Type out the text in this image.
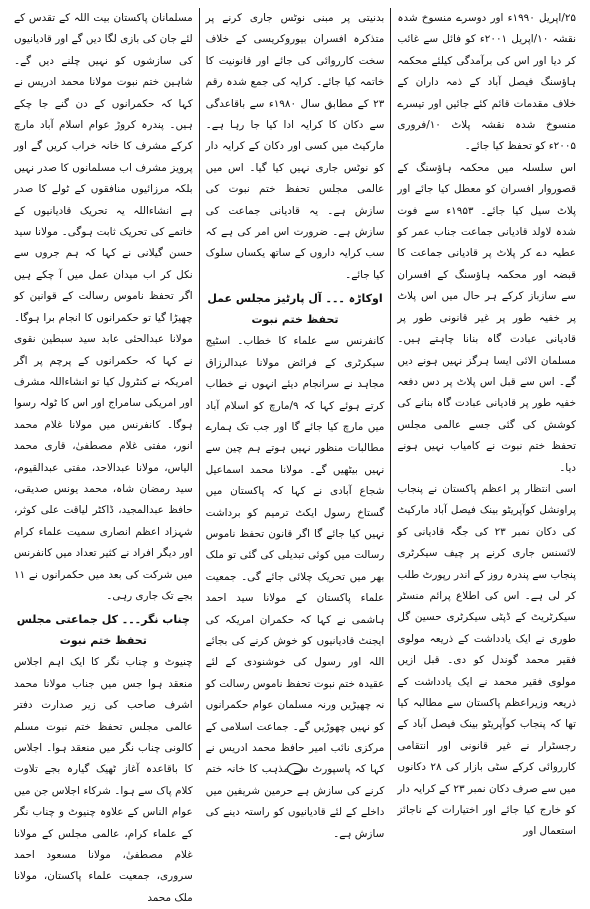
۲۵/اپریل ۱۹۹۰ء اور دوسرے منسوخ شدہ نقشہ ۱۰/اپریل ۲۰۰۱ء کو فائل سے غائب کر دیا اور اس کی برآمدگی کیلئے محکمہ ہاؤسنگ فیصل آباد کے ذمہ داران کے خلاف مقدمات قائم کئے جائیں اور تیسرے منسوخ شدہ نقشہ پلاٹ ۱۰/فروری ۲۰۰۵ء کو تحفظ کیا جائے۔

اس سلسلہ میں محکمہ ہاؤسنگ کے قصوروار افسران کو معطل کیا جائے اور پلاٹ سیل کیا جائے۔ ۱۹۵۳ء سے فوت شدہ لاولد قادیانی جماعت جناب عمر کو عطیہ دے کر پلاٹ پر قادیانی جماعت کا قبضہ اور محکمہ ہاؤسنگ کے افسران سے سازباز کرکے ہر حال میں اس پلاٹ پر خفیہ طور پر غیر قانونی طور پر قادیانی عبادت گاہ بنانا چاہتے ہیں۔ مسلمان الائی ایسا ہرگز نہیں ہونے دیں گے۔ اس سے قبل اس پلاٹ پر دس دفعہ خفیہ طور پر قادیانی عبادت گاہ بنانے کی کوشش کی گئی جسے عالمی مجلس تحفظ ختم نبوت نے کامیاب نہیں ہونے دیا۔

اسی انتظار پر اعظم پاکستان نے پنجاب پراونشل کوآپریٹو بینک فیصل آباد مارکیٹ کی دکان نمبر ۲۳ کی جگہ قادیانی کو لائسنس جاری کرنے پر چیف سیکرٹری پنجاب سے پندرہ روز کے اندر رپورٹ طلب کر لی ہے۔ اس کی اطلاع پرائم منسٹر سیکرٹریٹ کے ڈپٹی سیکرٹری حسین گل طوری نے ایک یادداشت کے ذریعہ مولوی فقیر محمد گوندل کو دی۔ قبل ازیں مولوی فقیر محمد نے ایک یادداشت کے ذریعہ وزیراعظم پاکستان سے مطالبہ کیا تھا کہ پنجاب کوآپریٹو بینک فیصل آباد کے رجسٹرار نے غیر قانونی اور انتقامی کارروائی کرکے سٹی بازار کی ۲۸ دکانوں میں سے صرف دکان نمبر ۲۳ کے کرایہ دار کو خارج کیا جائے اور اختیارات کے ناجائز استعمال اور

بدنیتی پر مبنی نوٹس جاری کرنے پر متذکرہ افسران بیوروکریسی کے خلاف سخت کارروائی کی جائے اور قانونیت کا خاتمہ کیا جائے۔ کرایہ کی جمع شدہ رقم ۲۳ کے مطابق سال ۱۹۸۰ء سے باقاعدگی سے دکان کا کرایہ ادا کیا جا رہا ہے۔ مارکیٹ میں کسی اور دکان کے کرایہ دار کو نوٹس جاری نہیں کیا گیا۔ اس میں عالمی مجلس تحفظ ختم نبوت کی سازش ہے۔ یہ قادیانی جماعت کی سازش ہے۔ ضرورت اس امر کی ہے کہ سب کرایہ داروں کے ساتھ یکساں سلوک کیا جائے۔

اوکاڑہ ۔۔۔ آل پارٹیز مجلس عمل تحفظ ختم نبوت

کانفرنس سے علماء کا خطاب۔ اسٹیج سیکرٹری کے فرائض مولانا عبدالرزاق مجاہد نے سرانجام دیئے انہوں نے خطاب کرتے ہوئے کہا کہ ۹/مارچ کو اسلام آباد میں مارچ کیا جائے گا اور جب تک ہمارے مطالبات منظور نہیں ہوتے ہم چین سے نہیں بیٹھیں گے۔ مولانا محمد اسماعیل شجاع آبادی نے کہا کہ پاکستان میں گستاخ رسول ایکٹ ترمیم کو برداشت نہیں کیا جائے گا اگر قانون تحفظ ناموس رسالت میں کوئی تبدیلی کی گئی تو ملک بھر میں تحریک چلائی جائے گی۔ جمعیت علماء پاکستان کے مولانا سید احمد ہاشمی نے کہا کہ حکمران امریکہ کی ایجنٹ قادیانیوں کو خوش کرنے کی بجائے اللہ اور رسول کی خوشنودی کے لئے عقیدہ ختم نبوت تحفظ ناموس رسالت کو نہ چھیڑیں ورنہ مسلمان عوام حکمرانوں کو نہیں چھوڑیں گے۔ جماعت اسلامی کے مرکزی نائب امیر حافظ محمد ادریس نے کہا کہ پاسپورٹ سے مذہب کا خانہ ختم کرنے کی سازش ہے حرمین شریفین میں داخلے کے لئے قادیانیوں کو راستہ دینے کی سازش ہے۔

مسلمانان پاکستان بیت اللہ کے تقدس کے لئے جان کی بازی لگا دیں گے اور قادیانیوں کی سازشوں کو نہیں چلنے دیں گے۔ شاہین ختم نبوت مولانا محمد ادریس نے کہا کہ حکمرانوں کے دن گنے جا چکے ہیں۔ پندرہ کروڑ عوام اسلام آباد مارچ کرکے مشرف کا خانہ خراب کریں گے اور پرویز مشرف اب مسلمانوں کا صدر نہیں بلکہ مرزائیوں منافقوں کے ٹولے کا صدر ہے انشاءاللہ یہ تحریک قادیانیوں کے خاتمے کی تحریک ثابت ہوگی۔ مولانا سید حسن گیلانی نے کہا کہ ہم جروں سے نکل کر اب میدان عمل میں آ چکے ہیں اگر تحفظ ناموس رسالت کے قوانین کو چھیڑا گیا تو حکمرانوں کا انجام برا ہوگا۔ مولانا عبدالحئی عابد سید سبطین نقوی نے کہا کہ حکمرانوں کے پرچم پر اگر امریکہ نے کنٹرول کیا تو انشاءاللہ مشرف اور امریکی سامراج اور اس کا ٹولہ رسوا ہوگا۔ کانفرنس میں مولانا غلام محمد انور، مفتی غلام مصطفیٰ، قاری محمد الیاس، مولانا عبدالاحد، مفتی عبدالقیوم، سید رمضان شاہ، محمد یونس صدیقی، حافظ عبدالمجید، ڈاکٹر لیاقت علی کوثر، شہزاد اعظم انصاری سمیت علماء کرام اور دیگر افراد نے کثیر تعداد میں کانفرنس میں شرکت کی بعد میں حکمرانوں نے ۱۱ بجے تک جاری رہی۔

چناب نگر۔۔۔ کل جماعتی مجلس تحفظ ختم نبوت

چنیوٹ و چناب نگر کا ایک اہم اجلاس منعقد ہوا جس میں جناب مولانا محمد اشرف صاحب کی زیر صدارت دفتر عالمی مجلس تحفظ ختم نبوت مسلم کالونی چناب نگر میں منعقد ہوا۔ اجلاس کا باقاعدہ آغاز ٹھیک گیارہ بجے تلاوت کلام پاک سے ہوا۔ شرکاء اجلاس جن میں عوام الناس کے علاوہ چنیوٹ و چناب نگر کے علماء کرام، عالمی مجلس کے مولانا غلام مصطفیٰ، مولانا مسعود احمد سروری، جمعیت علماء پاکستان، مولانا ملک محمد
